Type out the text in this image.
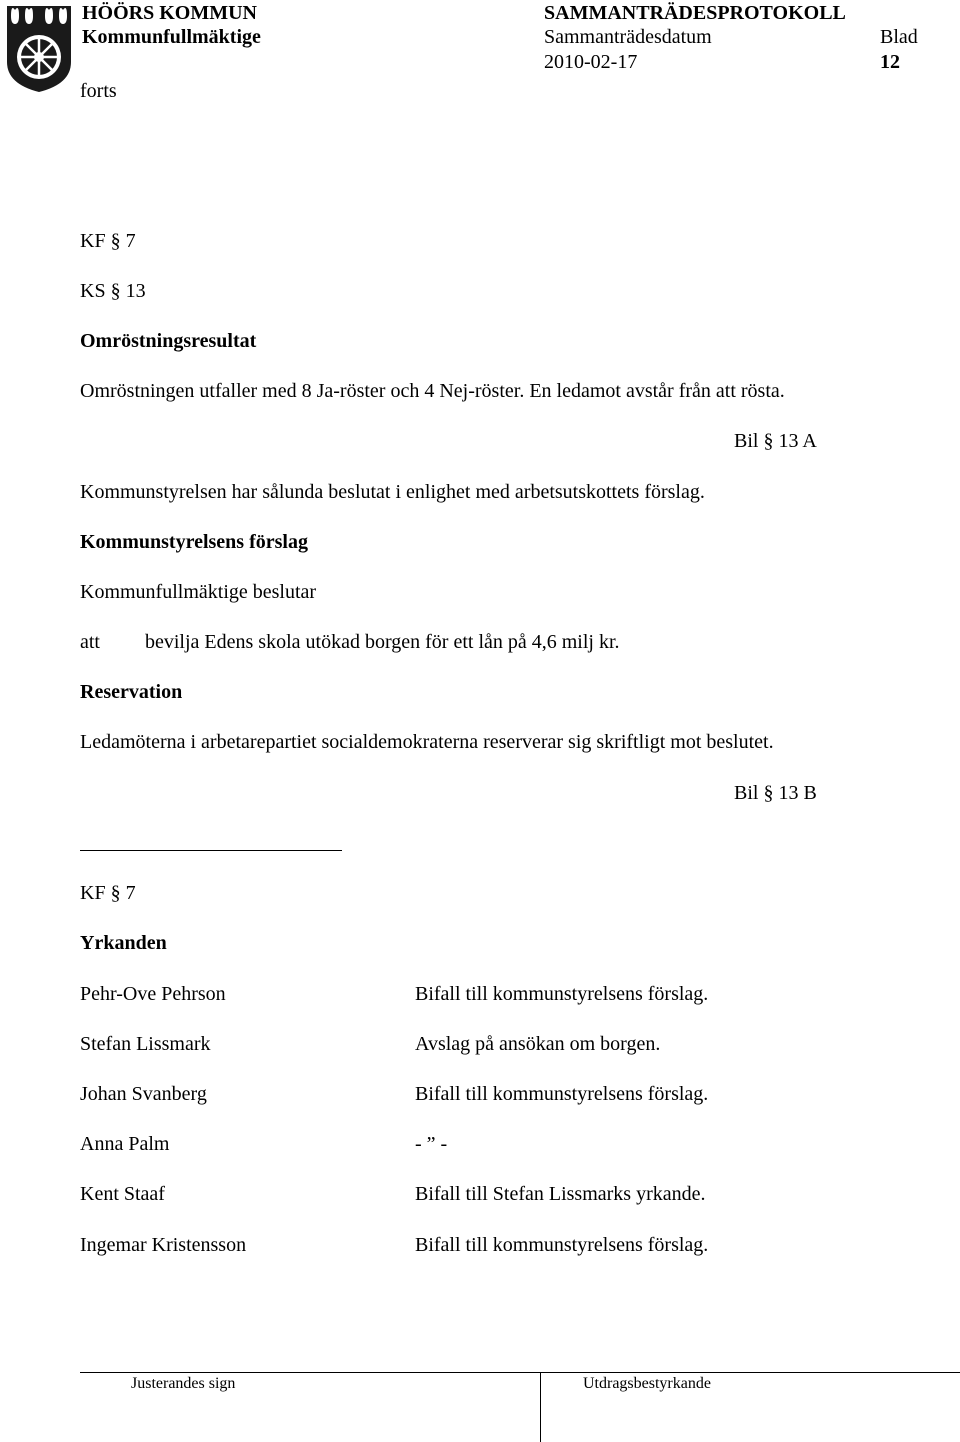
HÖÖRS KOMMUN
Kommunfullmäktige
SAMMANTRÄDESPROTOKOLL
Sammanträdesdatum
2010-02-17
Blad
12
forts
KF § 7
KS § 13
Omröstningsresultat
Omröstningen utfaller med 8 Ja-röster och 4 Nej-röster. En ledamot avstår från att rösta.
Bil § 13 A
Kommunstyrelsen har sålunda beslutat i enlighet med arbetsutskottets förslag.
Kommunstyrelsens förslag
Kommunfullmäktige beslutar
att bevilja Edens skola utökad borgen för ett lån på 4,6 milj kr.
Reservation
Ledamöterna i arbetarepartiet socialdemokraterna reserverar sig skriftligt mot beslutet.
Bil § 13 B
KF § 7
Yrkanden
Pehr-Ove Pehrson	Bifall till kommunstyrelsens förslag.
Stefan Lissmark	Avslag på ansökan om borgen.
Johan Svanberg	Bifall till kommunstyrelsens förslag.
Anna Palm	- ” -
Kent Staaf	Bifall till Stefan Lissmarks yrkande.
Ingemar Kristensson	Bifall till kommunstyrelsens förslag.
Justerandes sign	Utdragsbestyrkande
